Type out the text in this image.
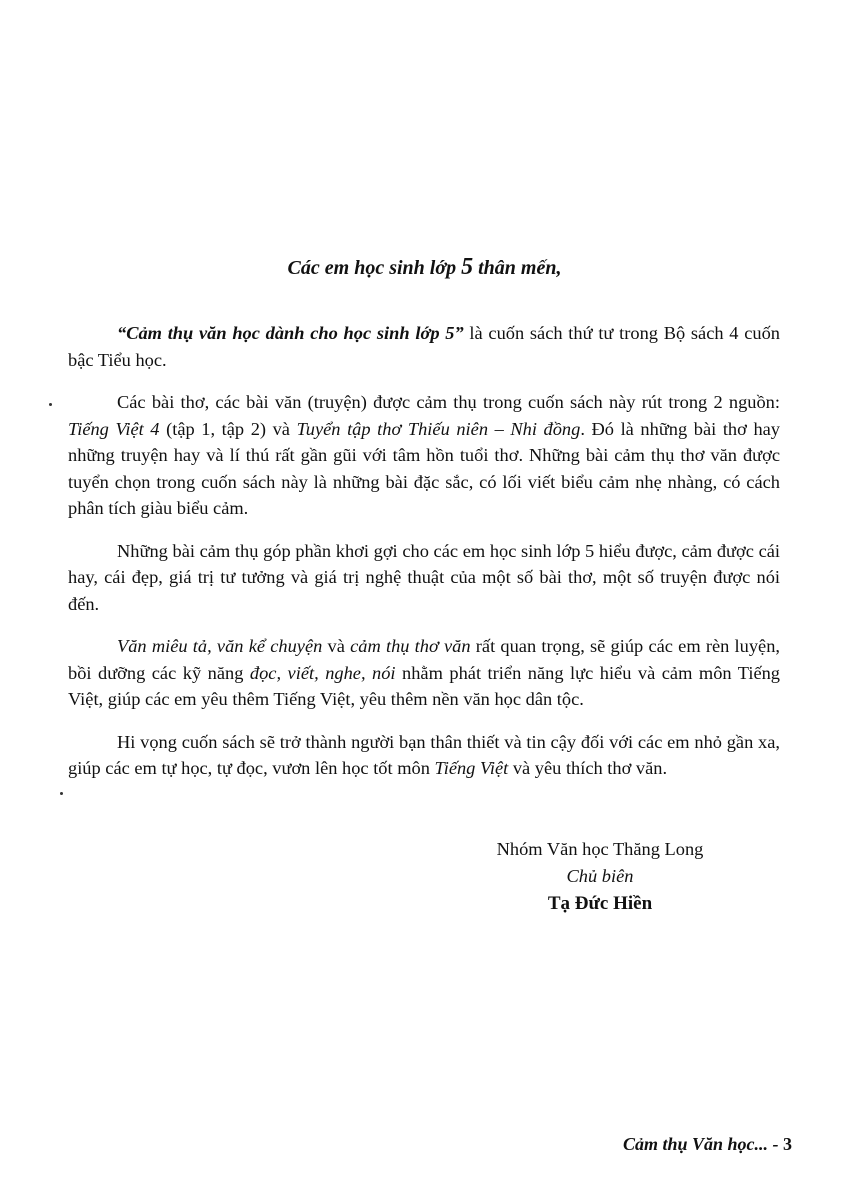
Các em học sinh lớp 5 thân mến,

“Cảm thụ văn học dành cho học sinh lớp 5” là cuốn sách thứ tư trong Bộ sách 4 cuốn bậc Tiểu học.

Các bài thơ, các bài văn (truyện) được cảm thụ trong cuốn sách này rút trong 2 nguồn: Tiếng Việt 4 (tập 1, tập 2) và Tuyển tập thơ Thiếu niên – Nhi đồng. Đó là những bài thơ hay những truyện hay và lí thú rất gần gũi với tâm hồn tuổi thơ. Những bài cảm thụ thơ văn được tuyển chọn trong cuốn sách này là những bài đặc sắc, có lối viết biểu cảm nhẹ nhàng, có cách phân tích giàu biểu cảm.

Những bài cảm thụ góp phần khơi gợi cho các em học sinh lớp 5 hiểu được, cảm được cái hay, cái đẹp, giá trị tư tưởng và giá trị nghệ thuật của một số bài thơ, một số truyện được nói đến.

Văn miêu tả, văn kể chuyện và cảm thụ thơ văn rất quan trọng, sẽ giúp các em rèn luyện, bồi dưỡng các kỹ năng đọc, viết, nghe, nói nhằm phát triển năng lực hiểu và cảm môn Tiếng Việt, giúp các em yêu thêm Tiếng Việt, yêu thêm nền văn học dân tộc.

Hi vọng cuốn sách sẽ trở thành người bạn thân thiết và tin cậy đối với các em nhỏ gần xa, giúp các em tự học, tự đọc, vươn lên học tốt môn Tiếng Việt và yêu thích thơ văn.

Nhóm Văn học Thăng Long
Chủ biên
Tạ Đức Hiền
Cảm thụ Văn học... - 3
